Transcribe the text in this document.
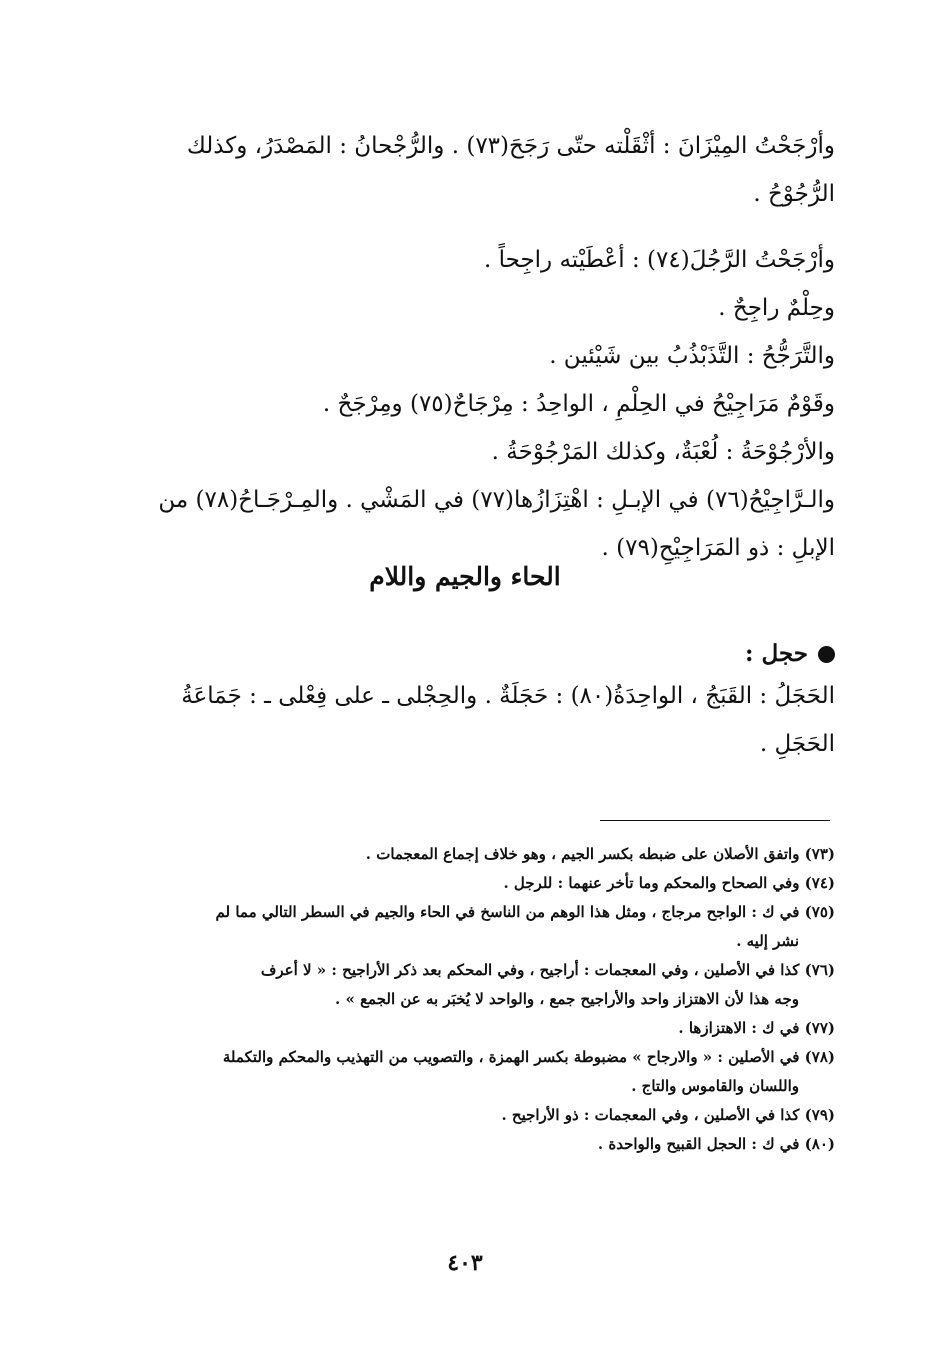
وأرْجَحْتُ المِيْزَانَ : أثْقَلْته حتّى رَجَحَ(٧٣) . والرُّجْحانُ : المَصْدَرُ، وكذلك
الرُّجُوْحُ .
وأرْجَحْتُ الرَّجُلَ(٧٤) : أعْطَيْته راجِحاً .
وحِلْمٌ راجِحٌ .
والتَّرَجُّحُ : التَّذَبْذُبُ بين شَيْئين .
وقَوْمٌ مَرَاجِيْحُ في الحِلْمِ ، الواحِدُ : مِرْجَاحٌ(٧٥) ومِرْجَحٌ .
والأرْجُوْحَةُ : لُعْبَةٌ، وكذلك المَرْجُوْحَةُ .
والـرَّاجِيْحُ(٧٦) في الإبـلِ : اهْتِزَازُها(٧٧) في المَشْي . والمِـرْجَـاحُ(٧٨) من
الإبلِ : ذو المَرَاجِيْحِ(٧٩) .
الحاء والجيم واللام
حجل :
الحَجَلُ : القَبَجُ ، الواحِدَةُ(٨٠) : حَجَلَةٌ . والحِجْلى ـ على فِعْلى ـ : جَمَاعَةُ
الحَجَلِ .
(٧٣) واتفق الأصلان على ضبطه بكسر الجيم ، وهو خلاف إجماع المعجمات .
(٧٤) وفي الصحاح والمحكم وما تأخر عنهما : للرجل .
(٧٥) في ك : الواجح مرجاج ، ومثل هذا الوهم من الناسخ في الحاء والجيم في السطر التالي مما لم
نشر إليه .
(٧٦) كذا في الأصلين ، وفي المعجمات : أراجيح ، وفي المحكم بعد ذكر الأراجيح : « لا أعرف
وجه هذا لأن الاهتزاز واحد والأراجيح جمع ، والواحد لا يُخبَر به عن الجمع » .
(٧٧) في ك : الاهتزازها .
(٧٨) في الأصلين : « والارجاح » مضبوطة بكسر الهمزة ، والتصويب من التهذيب والمحكم والتكملة
واللسان والقاموس والتاج .
(٧٩) كذا في الأصلين ، وفي المعجمات : ذو الأراجيح .
(٨٠) في ك : الحجل القبيح والواحدة .
٤٠٣
